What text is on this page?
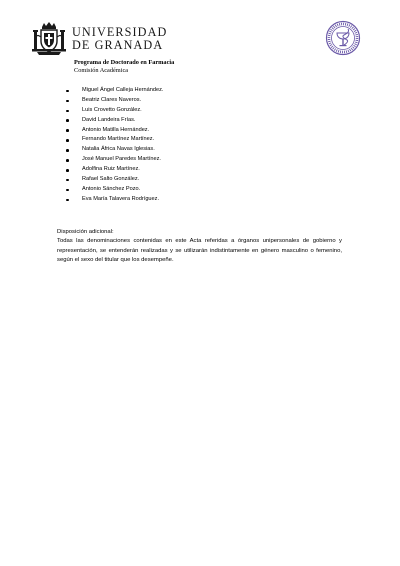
UNIVERSIDAD
DE GRANADA
Programa de Doctorado en Farmacia
Comisión Académica
Miguel Ángel Calleja Hernández.
Beatriz Clares Naveros.
Luis Crovetto González.
David Landeira Frías.
Antonio Matilla Hernández.
Fernando Martínez Martínez.
Natalia África Navas Iglesias.
José Manuel Paredes Martínez.
Adolfina Ruiz Martínez.
Rafael Salto González.
Antonio Sánchez Pozo.
Eva María Talavera Rodríguez.
Disposición adicional:
Todas las denominaciones contenidas en este Acta referidas a órganos unipersonales de gobierno y representación, se entenderán realizadas y se utilizarán indistintamente en género masculino o femenino, según el sexo del titular que los desempeñe.
